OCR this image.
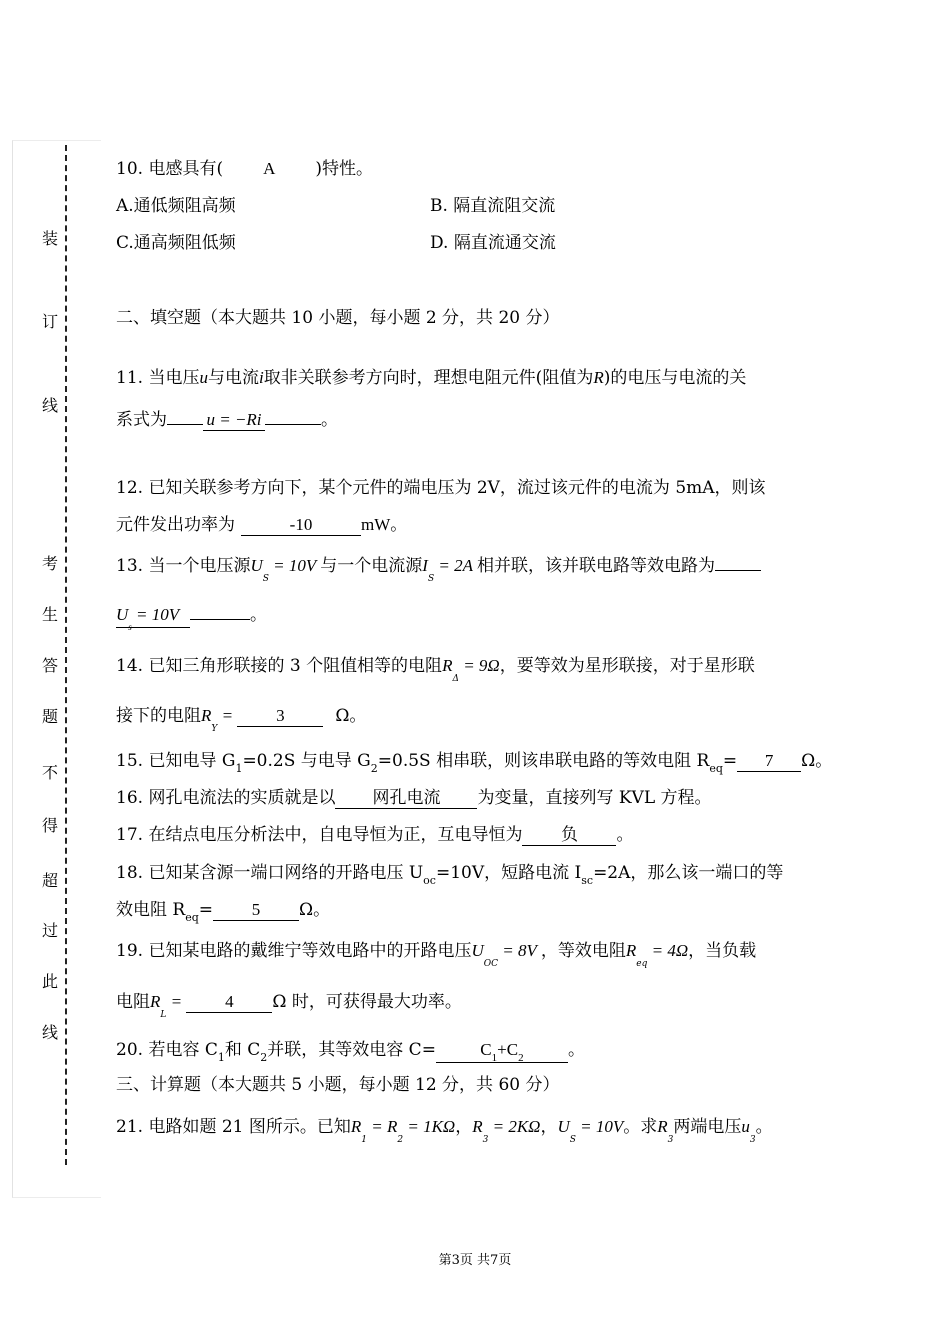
装
订
线
考
生
答
题
不
得
超
过
此
线
10. 电感具有( A )特性。
A.通低频阻高频	B. 隔直流阻交流
C.通高频阻低频	D. 隔直流通交流
二、填空题（本大题共 10 小题，每小题 2 分，共 20 分）
11. 当电压u与电流i取非关联参考方向时，理想电阻元件(阻值为R)的电压与电流的关
系式为 u = −Ri	。
12. 已知关联参考方向下，某个元件的端电压为 2V，流过该元件的电流为 5mA，则该
元件发出功率为	-10	mW。
13. 当一个电压源$U_S = 10V$ 与一个电流源$I_S = 2A$ 相并联，该并联电路等效电路为
$U_s = 10V$	。
14. 已知三角形联接的 3 个阻值相等的电阻$R_\Delta = 9\Omega$，要等效为星形联接，对于星形联
接下的电阻$R_Y = 3$	Ω。
15. 已知电导 $G_1=0.2S$ 与电导 $G_2=0.5S$ 相串联，则该串联电路的等效电阻 $R_{eq}= 7$ Ω。
16. 网孔电流法的实质就是以 网孔电流 为变量，直接列写 KVL 方程。
17. 在结点电压分析法中，自电导恒为正，互电导恒为 负 。
18. 已知某含源一端口网络的开路电压 $U_{oc}=10V$，短路电流 $I_{sc}=2A$，那么该一端口的等
效电阻 $R_{eq}= 5$ Ω。
19. 已知某电路的戴维宁等效电路中的开路电压$U_{OC} = 8V$ ，等效电阻$R_{eq} = 4\Omega$，当负载
电阻$R_L = 4$ Ω 时，可获得最大功率。
20. 若电容 $C_1$和 $C_2$并联，其等效电容 C=	$C_1+C_2$	。
三、计算题（本大题共 5 小题，每小题 12 分，共 60 分）
21. 电路如题 21 图所示。已知$R_1 = R_2 = 1K\Omega$，$R_3 = 2K\Omega$，$U_S = 10V$。求$R_3$两端电压$u_3$。
第3页 共7页
